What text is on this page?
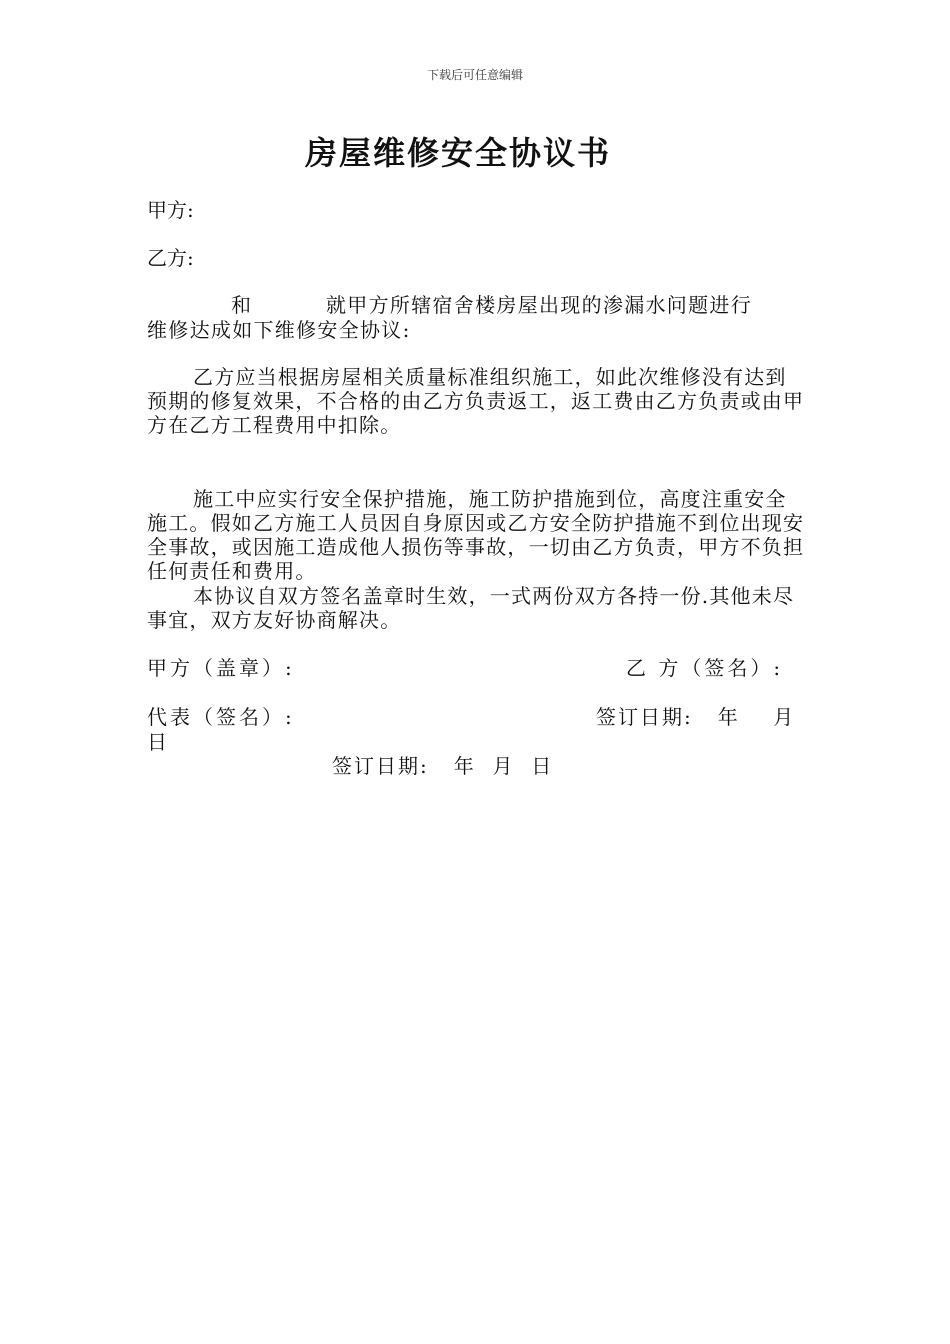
下载后可任意编辑
房屋维修安全协议书
甲方:
乙方:
和	就甲方所辖宿舍楼房屋出现的渗漏水问题进行
维修达成如下维修安全协议:
乙方应当根据房屋相关质量标准组织施工，如此次维修没有达到预期的修复效果，不合格的由乙方负责返工，返工费由乙方负责或由甲方在乙方工程费用中扣除。
施工中应实行安全保护措施，施工防护措施到位，高度注重安全施工。假如乙方施工人员因自身原因或乙方安全防护措施不到位出现安全事故，或因施工造成他人损伤等事故，一切由乙方负责，甲方不负担任何责任和费用。
本协议自双方签名盖章时生效，一式两份双方各持一份.其他未尽事宜，双方友好协商解决。
甲方（盖章）:	乙 方（签名）:
代表（签名）:	签订日期:   年    月
日
签订日期:   年  月  日
